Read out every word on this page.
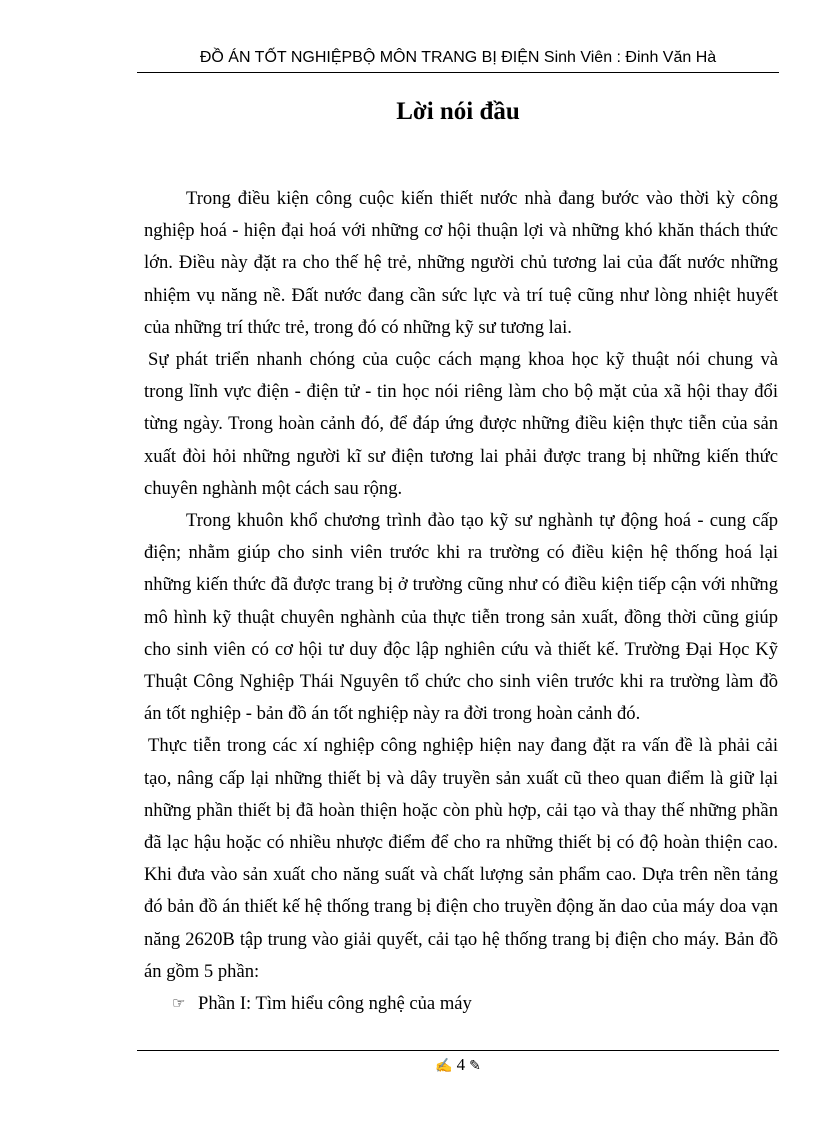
ĐỒ ÁN TỐT NGHIỆPBỘ MÔN TRANG BỊ ĐIỆN Sinh Viên : Đinh Văn Hà
Lời nói đầu

Trong điều kiện công cuộc kiến thiết nước nhà đang bước vào thời kỳ công nghiệp hoá - hiện đại hoá với những cơ hội thuận lợi và những khó khăn thách thức lớn. Điều này đặt ra cho thế hệ trẻ, những người chủ tương lai của đất nước những nhiệm vụ năng nề. Đất nước đang cần sức lực và trí tuệ cũng như lòng nhiệt huyết của những trí thức trẻ, trong đó có những kỹ sư tương lai.

Sự phát triển nhanh chóng của cuộc cách mạng khoa học kỹ thuật nói chung và trong lĩnh vực điện - điện tử - tin học nói riêng làm cho bộ mặt của xã hội thay đổi từng ngày. Trong hoàn cảnh đó, để đáp ứng được những điều kiện thực tiễn của sản xuất đòi hỏi những người kĩ sư điện tương lai phải được trang bị những kiến thức chuyên nghành một cách sau rộng.

Trong khuôn khổ chương trình đào tạo kỹ sư nghành tự động hoá - cung cấp điện; nhằm giúp cho sinh viên trước khi ra trường có điều kiện hệ thống hoá lại những kiến thức đã được trang bị ở trường cũng như có điều kiện tiếp cận với những mô hình kỹ thuật chuyên nghành của thực tiễn trong sản xuất, đồng thời cũng giúp cho sinh viên có cơ hội tư duy độc lập nghiên cứu và thiết kế. Trường Đại Học Kỹ Thuật Công Nghiệp Thái Nguyên tổ chức cho sinh viên trước khi ra trường làm đồ án tốt nghiệp - bản đồ án tốt nghiệp này ra đời trong hoàn cảnh đó.

Thực tiễn trong các xí nghiệp công nghiệp hiện nay đang đặt ra vấn đề là phải cải tạo, nâng cấp lại những thiết bị và dây truyền sản xuất cũ theo quan điểm là giữ lại những phần thiết bị đã hoàn thiện hoặc còn phù hợp, cải tạo và thay thế những phần đã lạc hậu hoặc có nhiều nhược điểm để cho ra những thiết bị có độ hoàn thiện cao. Khi đưa vào sản xuất cho năng suất và chất lượng sản phẩm cao. Dựa trên nền tảng đó bản đồ án thiết kế hệ thống trang bị điện cho truyền động ăn dao của máy doa vạn năng 2620B tập trung vào giải quyết, cải tạo hệ thống trang bị điện cho máy. Bản đồ án gồm 5 phần:

☞ Phần I: Tìm hiểu công nghệ của máy

✍ 4 ✎
